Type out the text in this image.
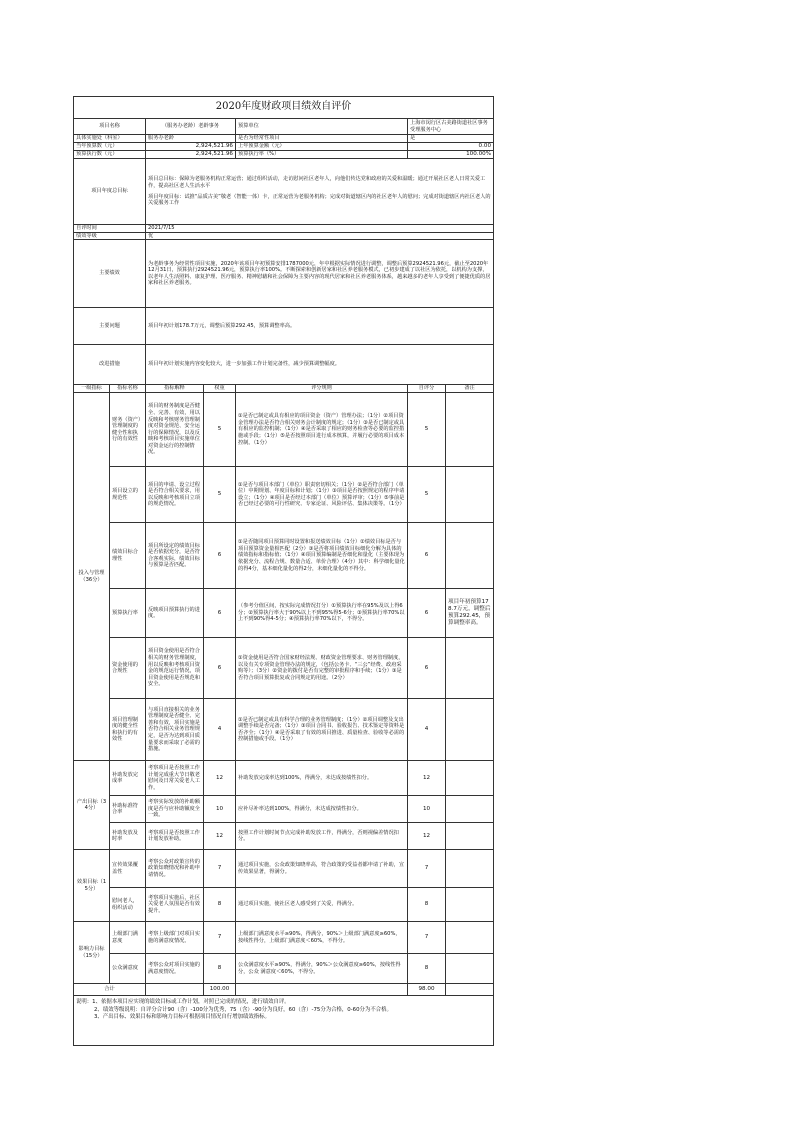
2020年度财政项目绩效自评价						
项目名称		（服务办老龄）老龄事务		预算单位	上海市闵行区古美路街道社区事务受理服务中心	
具体实施处（科室）		服务办老龄		是否为经常性项目	是	
当年预算数（元）		2,924,521.96		上年预算金额（元）	0.00	
预算执行数（元）		2,924,521.96		预算执行率（%）	100.00%	
项目年度总目标		项目总目标：保障为老服务机构正常运营；通过组织活动，走访慰问社区老年人，向他们传达党和政府的关爱和温暖；通过开展社区老人日常关爱工作，提高社区老人生活水平
项目年度目标：试推“品质古美”敬老（智能一体）卡，正常运营为老服务机构；完成对街道辖区内的社区老年人的慰问；完成对街道辖区内社区老人的关爱服务工作				

自评时间		2021/7/15				
绩效等级		优				
主要绩效		为老龄事务为经常性项目实施，2020年该项目年初预算安排1787000元，年中根据实际情况进行调整，调整后预算2924521.96元，截止至2020年12月31日，预算执行2924521.96元，预算执行率100%。不断探索和创新居家和社区养老服务模式，已初步建成了以社区为依托，以机构为支撑，以老年人生活照料、康复护理、医疗服务、精神慰藉和社会保障为主要内容的现代居家和社区养老服务体系，越来越多的老年人享受到了便捷优质的居家和社区养老服务。				
主要问题		项目年初计划178.7万元，调整后预算292.45，预算调整率高。				
改进措施		项目年初计划实施内容变化较大，进一步加强工作计划完备性，减少预算调整幅度。				
一级指标	指标名称	指标解释	权重	评分规则	自评分	备注
投入与管理（36分）	财务（资产）管理制度的健全性和执行的有效性	项目的财务制度是否健全、完善、有效，用以反映和考核财务管理制度对资金规范、安全运行的保障情况，以及反映和考核项目实施单位对资金运行的控制情况。	5	①是否已制定或具有相应的项目资金（资产）管理办法；（1分）②项目资金管理办法是否符合相关财务会计制度的规定；（1分）③是否已制定或具有相应的监控机制；（1分）④是否采取了相应的财务检查等必要的监控措施或手段；（1分）⑤是否按照项目进行成本核算，并履行必要的项目成本控制。（1分）	5	
	项目设立的规范性	项目的申请、设立过程是否符合相关要求，用以反映和考核项目立项的规范情况。	5	①是否与项目本部门（单位）职责密切相关；（1分）②是否符合部门（单位）中期规划、年度目标和计划；（1分）③项目是否按照规定的程序申请设立；（1分）④项目是否经过本部门（单位）预算评审；（1分）⑤事前是否已经过必要的可行性研究、专家论证、风险评估、集体决策等。（1分）	5	
	绩效目标合理性	项目所设定的绩效目标是否依据充分，是否符合客观实际，绩效目标与预算是否匹配。	6	①是否随同项目预算同时设置和报送绩效目标（1分）②绩效目标是否与项目预算资金量相匹配（2分）③是否将项目绩效目标细化分解为具体的绩效指标和指标值；（1分）④项目预算编制是否细化和量化（主要体现为依据充分、流程合规、数量合适、单价合理）（4分）其中：科学细化量化的得4分，基本细化量化的得2分，未细化量化的不得分。	6	
	预算执行率	反映项目预算执行的进度。	6	（参考分值区间，按实际完成情况打分）①预算执行率在95%及以上得6分；②预算执行率大于90%以上不到95%得5-6分；③预算执行率70%以上不到90%得4-5分；④预算执行率70%以下，不得分。	6	项目年初预算178.7万元，调整后预算292.45，预算调整率高。
	资金使用的合规性	项目资金使用是否符合相关的财务管理制度，用以反映和考核项目资金的规范运行情况，项目资金使用是否规范和安全。	6	①资金使用是否符合国家财经法规、财政资金管理要求、财务管理制度，以及有关专项资金管理办法的规定，（包括公务卡、“三公”经费、政府采购等）；（3分）②资金的拨付是否有完整的审批程序和手续；（1分）③是否符合项目预算批复或合同规定的用途。（2分）	6	
	项目管理制度的健全性和执行的有效性	与项目直接相关的业务管理制度是否健全、完善和有效，项目实施是否符合相关业务管理规定，是否为达到项目质量要求而采取了必需的措施。	4	①是否已制定或具有科学合理的业务管理制度；（1分）②项目调整及支出调整手续是否完备；（1分）③项目合同书、验收报告、技术鉴定等资料是否齐全；（1分）④是否采取了有效的项目推进、质量检查、验收等必需的控制措施或手段。（1分）	4	
产出目标（34分）	补助发放完成率	考察项目是否按照工作计划完成重大节日敬老慰问及日常关爱老人工作。	12	补助发放完成率达到100%，得满分，未达成按绩性扣分。	12	
	补助标准符合率	考察实际发放的补助额度是否与应补助额度全一致。	10	应补尽补率达到100%，得满分，未达成按绩性扣分。	10	
	补助发放及时率	考察项目是否按照工作计划发放补助。	12	按照工作计划时间节点完成补助发放工作，得满分，否则视偏差情况扣分。	12	
效果目标（15分）	宣传效果覆盖性	考察公众对政策宣传的政策知晓情况和补助申请情况。	7	通过项目实施，公众政策知晓率高，符合政策的受益者都申请了补助，宣传效果显著，得满分。	7	
	慰问老人，组织活动	考察项目实施后，社区关爱老人氛围是否有效提升。	8	通过项目实施，使社区老人感受到了关爱，得满分。	8	
影响力目标（15分）	上级部门满意度	考察上级部门对项目实施的满意度情况。	7	上级部门满意度水平≥90%，得满分，90%＞上级部门满意度≥60%，按线性得分，上级部门满意度＜60%，不得分。	7	
	公众满意度	考察公众对项目实施的满意度情况。	8	公众满意度水平≥90%，得满分，90%＞公众满意度≥60%，按线性得分，公众 满意度＜60%，不得分。	8	
合计			100.00		98.00	

说明：1、依据本项目应实现的绩效目标或工作计划，对照已完成的情况，进行绩效自评。
2、绩效等级说明：自评分合计90（含）-100分为优秀，75（含）-90分为良好，60（含）-75分为合格，0-60分为不合格。
3、产出目标、效果目标和影响力目标可根据项目情况自行增加绩效指标。						
